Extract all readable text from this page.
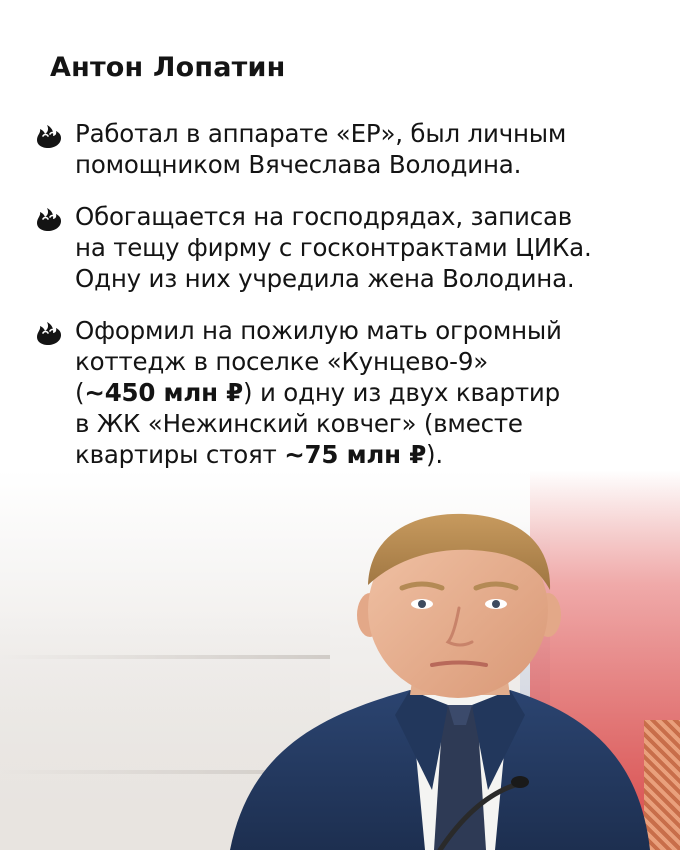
Антон Лопатин
Работал в аппарате «ЕР», был личным
помощником Вячеслава Володина.
Обогащается на господрядах, записав
на тещу фирму с госконтрактами ЦИКа.
Одну из них учредила жена Володина.
Оформил на пожилую мать огромный
коттедж в поселке «Кунцево-9»
(~450 млн ₽) и одну из двух квартир
в ЖК «Нежинский ковчег» (вместе
квартиры стоят ~75 млн ₽).
